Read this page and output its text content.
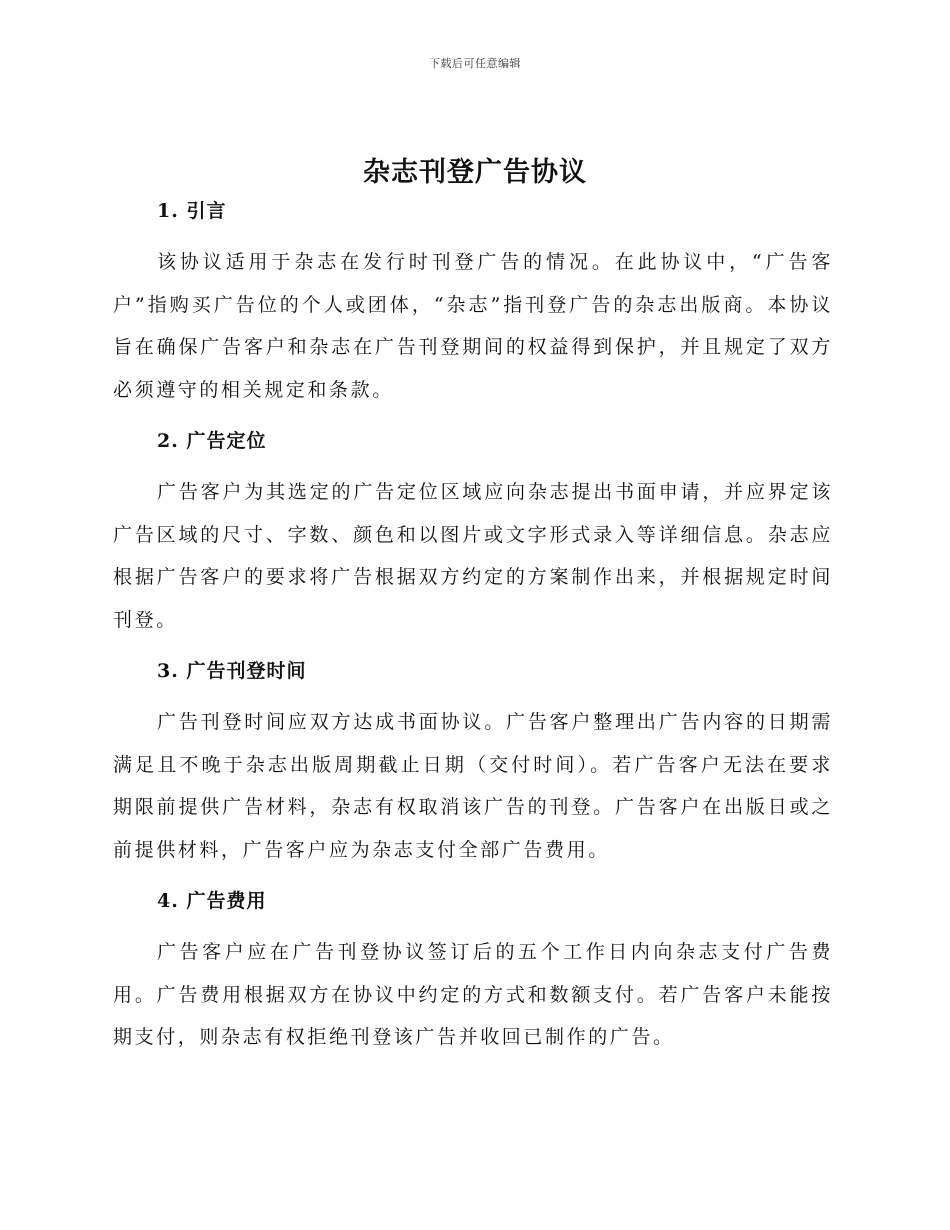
下载后可任意编辑
杂志刊登广告协议
1. 引言

该协议适用于杂志在发行时刊登广告的情况。在此协议中，“广告客户”指购买广告位的个人或团体，“杂志”指刊登广告的杂志出版商。本协议旨在确保广告客户和杂志在广告刊登期间的权益得到保护，并且规定了双方必须遵守的相关规定和条款。

2. 广告定位

广告客户为其选定的广告定位区域应向杂志提出书面申请，并应界定该广告区域的尺寸、字数、颜色和以图片或文字形式录入等详细信息。杂志应根据广告客户的要求将广告根据双方约定的方案制作出来，并根据规定时间刊登。

3. 广告刊登时间

广告刊登时间应双方达成书面协议。广告客户整理出广告内容的日期需满足且不晚于杂志出版周期截止日期（交付时间）。若广告客户无法在要求期限前提供广告材料，杂志有权取消该广告的刊登。广告客户在出版日或之前提供材料，广告客户应为杂志支付全部广告费用。

4. 广告费用

广告客户应在广告刊登协议签订后的五个工作日内向杂志支付广告费用。广告费用根据双方在协议中约定的方式和数额支付。若广告客户未能按期支付，则杂志有权拒绝刊登该广告并收回已制作的广告。
